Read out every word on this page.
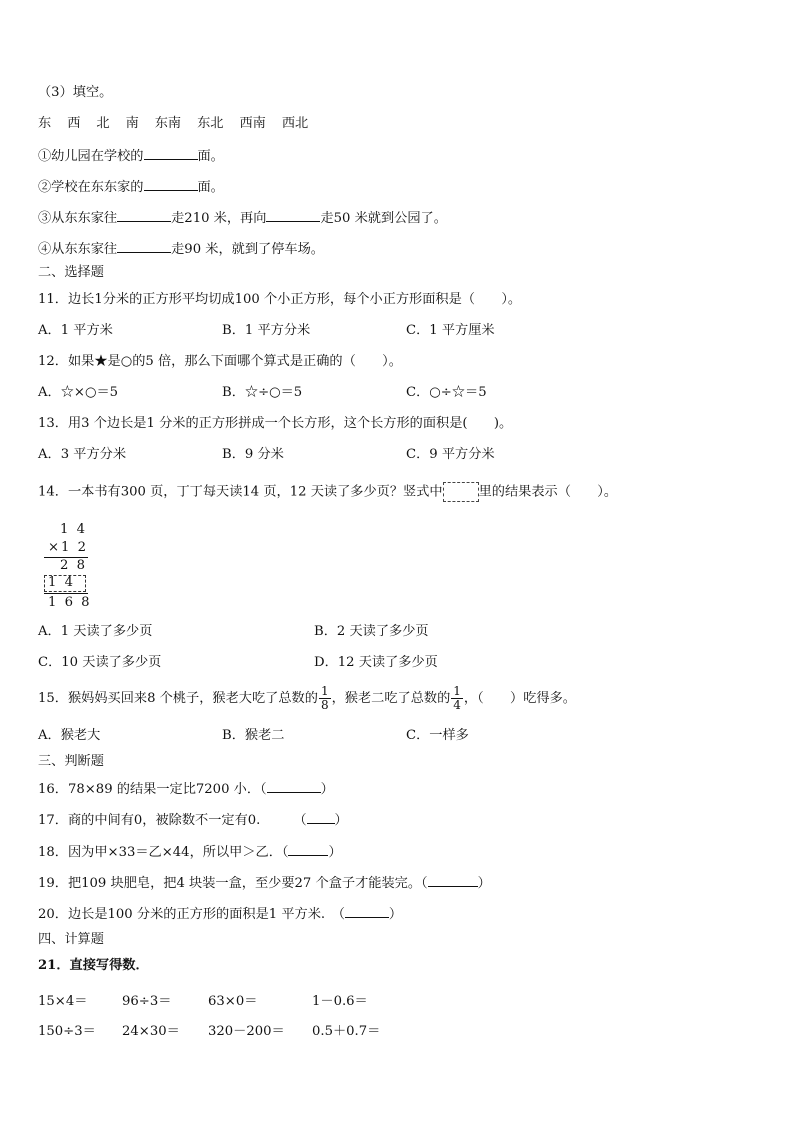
（3）填空。
东 西 北 南 东南 东北 西南 西北
①幼儿园在学校的	面。
②学校在东东家的	面。
③从东东家往	走210 米，再向	走50 米就到公园了。
④从东东家往	走90 米，就到了停车场。
二、选择题
11．边长1分米的正方形平均切成100 个小正方形，每个小正方形面积是（　　）。
A．1 平方米	B．1 平方分米	C．1 平方厘米
12．如果★是○的5 倍，那么下面哪个算式是正确的（　　）。
A．☆×○＝5	B．☆÷○＝5	C．○÷☆＝5
13．用3 个边长是1 分米的正方形拼成一个长方形，这个长方形的面积是(　　)。
A．3 平方分米	B．9 分米	C．9 平方分米
14．一本书有300 页，丁丁每天读14 页，12 天读了多少页？竖式中	里的结果表示（　　）。
1 4
×1 2
2 8
1 4
1 6 8
A．1 天读了多少页	B．2 天读了多少页
C．10 天读了多少页	D．12 天读了多少页
15．猴妈妈买回来8 个桃子，猴老大吃了总数的 $\frac{1}{8}$ ，猴老二吃了总数的 $\frac{1}{4}$ ，（　　）吃得多。
A．猴老大	B．猴老二	C．一样多
三、判断题
16．78×89 的结果一定比7200 小．（	）
17．商的中间有0，被除数不一定有0.　　　（ ）
18．因为甲×33＝乙×44，所以甲＞乙．（	）
19．把109 块肥皂，把4 块装一盒，至少要27 个盒子才能装完。（	）
20．边长是100 分米的正方形的面积是1 平方米.　（	）
四、计算题
21．直接写得数．
15×4＝	96÷3＝	63×0＝	1－0.6＝
150÷3＝ 24×30＝ 320－200＝ 0.5＋0.7＝
